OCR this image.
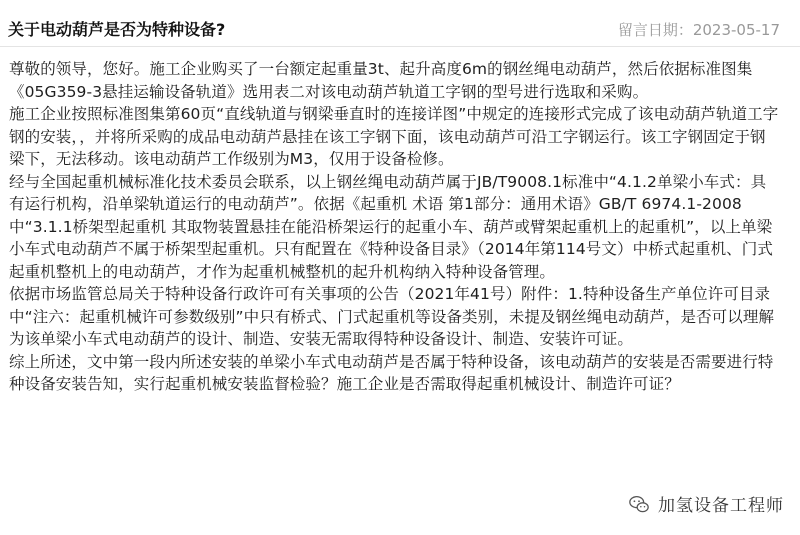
关于电动葫芦是否为特种设备?	留言日期：2023-05-17

尊敬的领导，您好。施工企业购买了一台额定起重量3t、起升高度6m的钢丝绳电动葫芦，然后依据标准图集《05G359-3悬挂运输设备轨道》选用表二对该电动葫芦轨道工字钢的型号进行选取和采购。

施工企业按照标准图集第60页“直线轨道与钢梁垂直时的连接详图”中规定的连接形式完成了该电动葫芦轨道工字钢的安装，，并将所采购的成品电动葫芦悬挂在该工字钢下面，该电动葫芦可沿工字钢运行。该工字钢固定于钢梁下，无法移动。该电动葫芦工作级别为M3，仅用于设备检修。

经与全国起重机械标准化技术委员会联系，以上钢丝绳电动葫芦属于JB/T9008.1标准中“4.1.2单梁小车式：具有运行机构，沿单梁轨道运行的电动葫芦”。依据《起重机 术语 第1部分：通用术语》GB/T 6974.1-2008中“3.1.1桥架型起重机 其取物装置悬挂在能沿桥架运行的起重小车、葫芦或臂架起重机上的起重机”，以上单梁小车式电动葫芦不属于桥架型起重机。只有配置在《特种设备目录》（2014年第114号文）中桥式起重机、门式起重机整机上的电动葫芦，才作为起重机械整机的起升机构纳入特种设备管理。

依据市场监管总局关于特种设备行政许可有关事项的公告（2021年41号）附件：1.特种设备生产单位许可目录中“注六：起重机械许可参数级别”中只有桥式、门式起重机等设备类别，未提及钢丝绳电动葫芦，是否可以理解为该单梁小车式电动葫芦的设计、制造、安装无需取得特种设备设计、制造、安装许可证。

综上所述，文中第一段内所述安装的单梁小车式电动葫芦是否属于特种设备，该电动葫芦的安装是否需要进行特种设备安装告知，实行起重机械安装监督检验？施工企业是否需取得起重机械设计、制造许可证？

加氢设备工程师
